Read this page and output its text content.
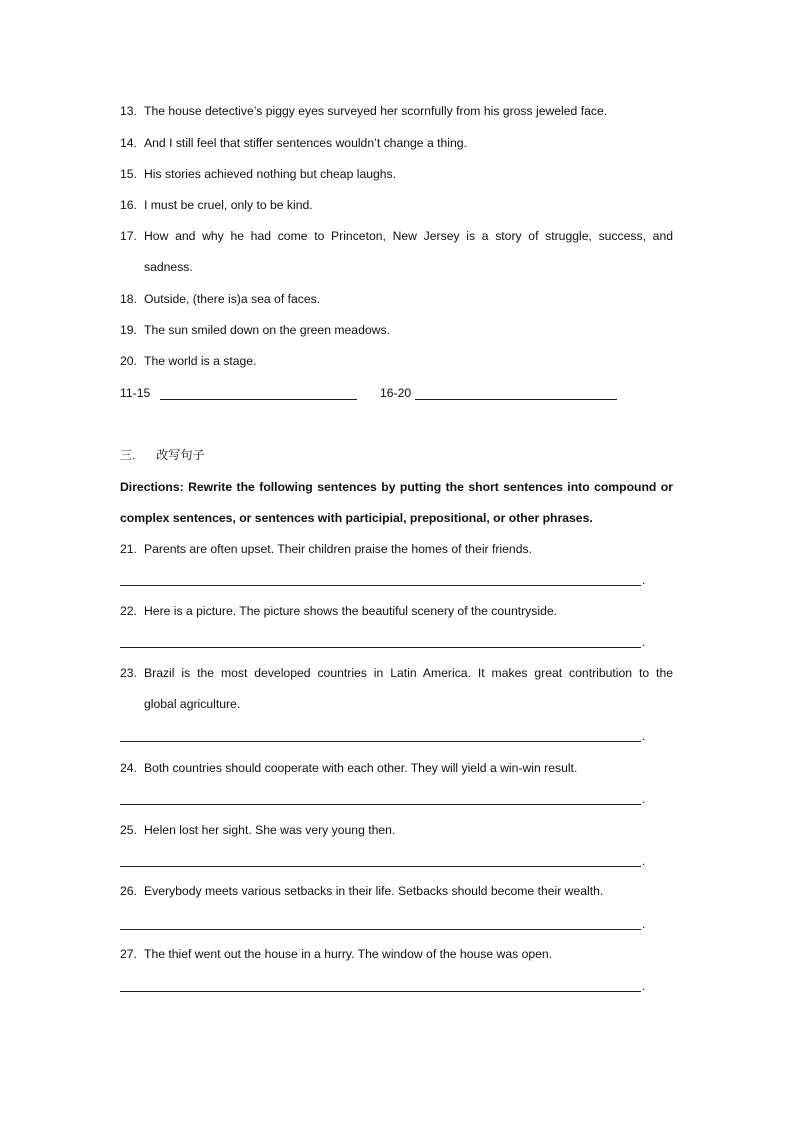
13. The house detective’s piggy eyes surveyed her scornfully from his gross jeweled face.
14. And I still feel that stiffer sentences wouldn’t change a thing.
15. His stories achieved nothing but cheap laughs.
16. I must be cruel, only to be kind.
17. How and why he had come to Princeton, New Jersey is a story of struggle, success, and
sadness.
18. Outside, (there is)a sea of faces.
19. The sun smiled down on the green meadows.
20. The world is a stage.
11-15	16-20
三. 改写句子
Directions: Rewrite the following sentences by putting the short sentences into compound or
complex sentences, or sentences with participial, prepositional, or other phrases.
21. Parents are often upset. Their children praise the homes of their friends.
.
22. Here is a picture. The picture shows the beautiful scenery of the countryside.
.
23. Brazil is the most developed countries in Latin America. It makes great contribution to the
global agriculture.
.
24. Both countries should cooperate with each other. They will yield a win-win result.
.
25. Helen lost her sight. She was very young then.
.
26. Everybody meets various setbacks in their life. Setbacks should become their wealth.
.
27. The thief went out the house in a hurry. The window of the house was open.
.
